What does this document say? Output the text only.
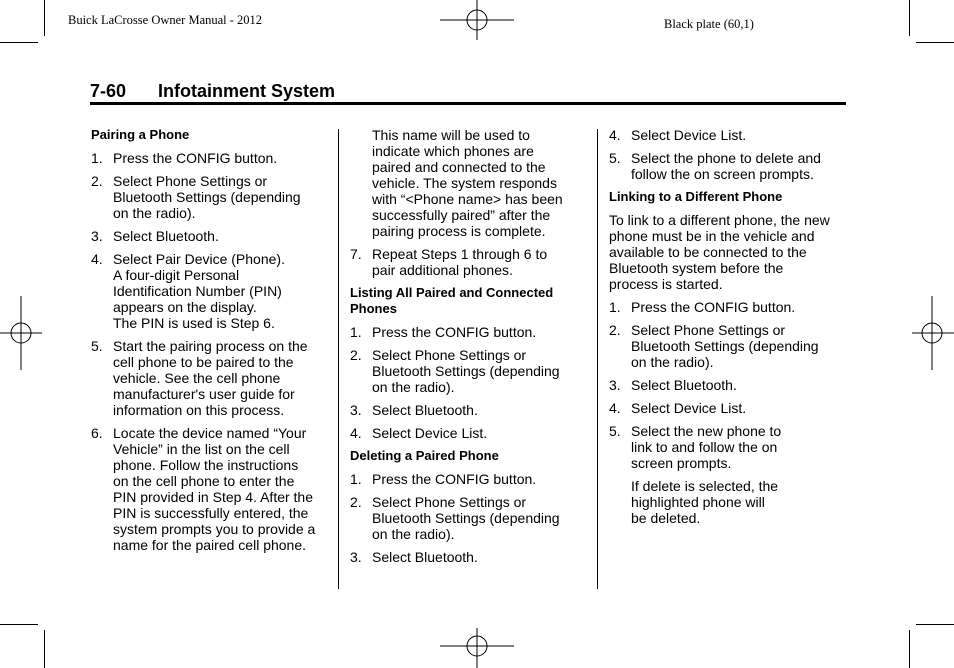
Buick LaCrosse Owner Manual - 2012	Black plate (60,1)
7-60 Infotainment System
Pairing a Phone
1. Press the CONFIG button.
2. Select Phone Settings or
Bluetooth Settings (depending
on the radio).
3. Select Bluetooth.
4. Select Pair Device (Phone).
A four-digit Personal
Identification Number (PIN)
appears on the display.
The PIN is used is Step 6.
5. Start the pairing process on the
cell phone to be paired to the
vehicle. See the cell phone
manufacturer's user guide for
information on this process.
6. Locate the device named “Your
Vehicle” in the list on the cell
phone. Follow the instructions
on the cell phone to enter the
PIN provided in Step 4. After the
PIN is successfully entered, the
system prompts you to provide a
name for the paired cell phone.
This name will be used to
indicate which phones are
paired and connected to the
vehicle. The system responds
with “<Phone name> has been
successfully paired” after the
pairing process is complete.
7. Repeat Steps 1 through 6 to
pair additional phones.
Listing All Paired and Connected
Phones
1. Press the CONFIG button.
2. Select Phone Settings or
Bluetooth Settings (depending
on the radio).
3. Select Bluetooth.
4. Select Device List.
Deleting a Paired Phone
1. Press the CONFIG button.
2. Select Phone Settings or
Bluetooth Settings (depending
on the radio).
3. Select Bluetooth.
4. Select Device List.
5. Select the phone to delete and
follow the on screen prompts.
Linking to a Different Phone
To link to a different phone, the new
phone must be in the vehicle and
available to be connected to the
Bluetooth system before the
process is started.
1. Press the CONFIG button.
2. Select Phone Settings or
Bluetooth Settings (depending
on the radio).
3. Select Bluetooth.
4. Select Device List.
5. Select the new phone to
link to and follow the on
screen prompts.
If delete is selected, the
highlighted phone will
be deleted.
